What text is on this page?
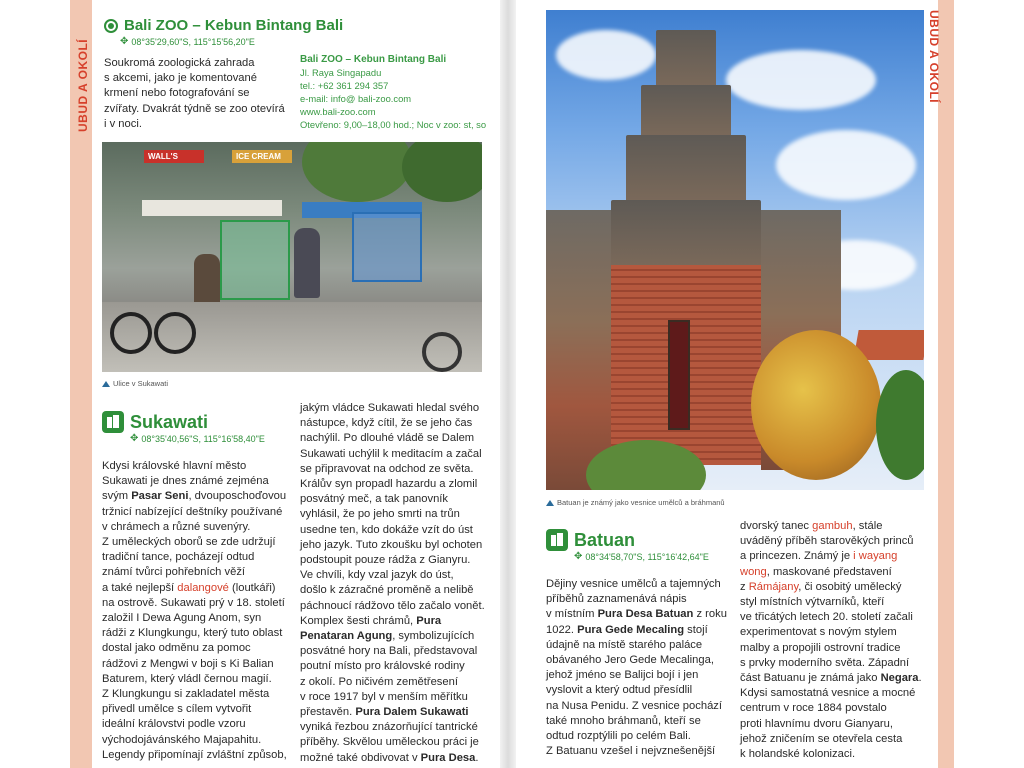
UBUD A OKOLÍ	UBUD A OKOLÍ
Bali ZOO – Kebun Bintang Bali
✥ 08°35'29,60"S, 115°15'56,20"E

Soukromá zoologická zahrada

s akcemi, jako je komentované

krmení nebo fotografování se

zvířaty. Dvakrát týdně se zoo otevírá

i v noci.

Bali ZOO – Kebun Bintang Bali
Jl. Raya Singapadu
tel.: +62 361 294 357
e-mail: info@ bali-zoo.com
www.bali-zoo.com
Otevřeno: 9,00–18,00 hod.; Noc v zoo: st, so
WALL'S	ICE CREAM
Ulice v Sukawati
Sukawati
✥ 08°35'40,56"S, 115°16'58,40"E

Kdysi královské hlavní město

Sukawati je dnes známé zejména

svým Pasar Seni, dvouposchoďovou

tržnicí nabízející deštníky používané

v chrámech a různé suvenýry.

Z uměleckých oborů se zde udržují

tradiční tance, pocházejí odtud

známí tvůrci pohřebních věží

a také nejlepší dalangové (loutkáři)

na ostrově. Sukawati prý v 18. století

založil I Dewa Agung Anom, syn

rádži z Klungkungu, který tuto oblast

dostal jako odměnu za pomoc

rádžovi z Mengwi v boji s Ki Balian

Baturem, který vládl černou magií.

Z Klungkungu si zakladatel města

přivedl umělce s cílem vytvořit

ideální královstvi podle vzoru

východojávánského Majapahitu.

Legendy připomínají zvláštní způsob,

jakým vládce Sukawati hledal svého

nástupce, když cítil, že se jeho čas

nachýlil. Po dlouhé vládě se Dalem

Sukawati uchýlil k meditacím a začal

se připravovat na odchod ze světa.

Králův syn propadl hazardu a zlomil

posvátný meč, a tak panovník

vyhlásil, že po jeho smrti na trůn

usedne ten, kdo dokáže vzít do úst

jeho jazyk. Tuto zkoušku byl ochoten

podstoupit pouze rádža z Gianyru.

Ve chvíli, kdy vzal jazyk do úst,

došlo k zázračné proměně a nelibě

páchnoucí rádžovo tělo začalo vonět.

Komplex šesti chrámů, Pura

Penataran Agung, symbolizujících

posvátné hory na Bali, představoval

poutní místo pro královské rodiny

z okolí. Po ničivém zemětřesení

v roce 1917 byl v menším měřítku

přestavěn. Pura Dalem Sukawati

vyniká řezbou znázorňující tantrické

příběhy. Skvělou uměleckou práci je

možné také obdivovat v Pura Desa.

Batuan je známý jako vesnice umělců a bráhmanů
Batuan
✥ 08°34'58,70"S, 115°16'42,64"E

Dějiny vesnice umělců a tajemných

příběhů zaznamenává nápis

v místním Pura Desa Batuan z roku

1022. Pura Gede Mecaling stojí

údajně na místě starého paláce

obávaného Jero Gede Mecalinga,

jehož jméno se Balijci bojí i jen

vyslovit a který odtud přesídlil

na Nusa Penidu. Z vesnice pochází

také mnoho bráhmanů, kteří se

odtud rozptýlili po celém Bali.

Z Batuanu vzešel i nejvznešenější

dvorský tanec gambuh, stále

uváděný příběh starověkých princů

a princezen. Známý je i wayang

wong, maskované představení

z Rámájany, či osobitý umělecký

styl místních výtvarníků, kteří

ve třicátých letech 20. století začali

experimentovat s novým stylem

malby a propojili ostrovní tradice

s prvky moderního světa. Západní

část Batuanu je známá jako Negara.

Kdysi samostatná vesnice a mocné

centrum v roce 1884 povstalo

proti hlavnímu dvoru Gianyaru,

jehož zničením se otevřela cesta

k holandské kolonizaci.
